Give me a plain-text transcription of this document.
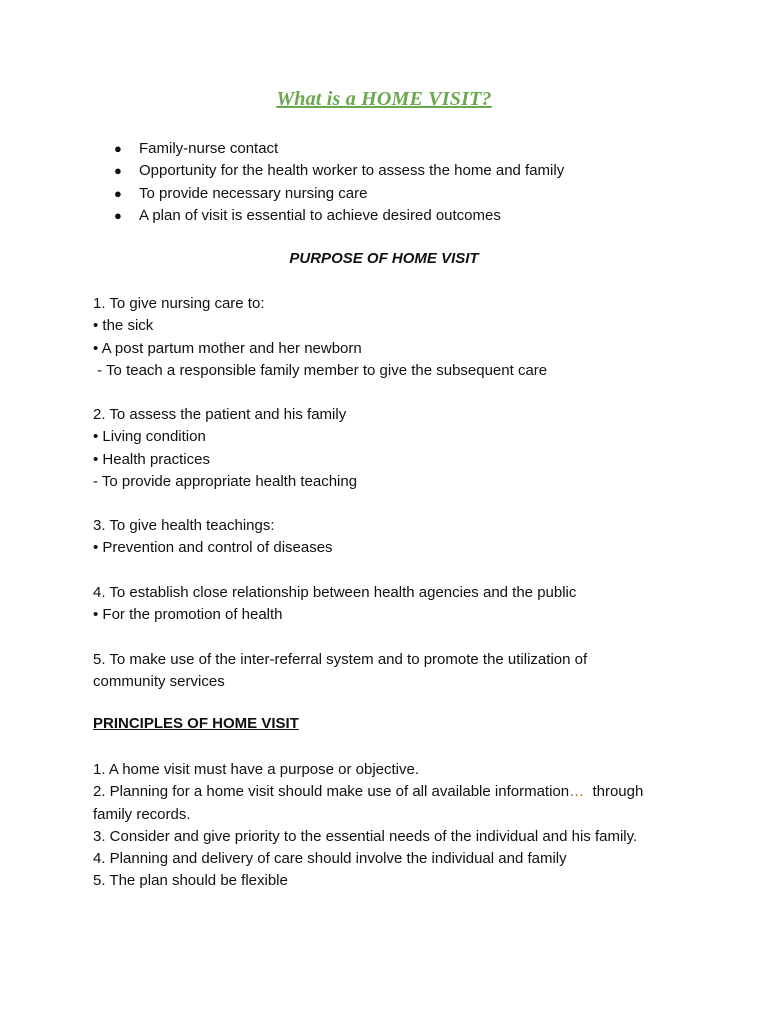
What is a HOME VISIT?
● Family-nurse contact
● Opportunity for the health worker to assess the home and family
● To provide necessary nursing care
● A plan of visit is essential to achieve desired outcomes
PURPOSE OF HOME VISIT
1. To give nursing care to:
• the sick
• A post partum mother and her newborn
- To teach a responsible family member to give the subsequent care
2. To assess the patient and his family
• Living condition
• Health practices
- To provide appropriate health teaching
3. To give health teachings:
• Prevention and control of diseases
4. To establish close relationship between health agencies and the public
• For the promotion of health
5. To make use of the inter-referral system and to promote the utilization of
community services
PRINCIPLES OF HOME VISIT
1. A home visit must have a purpose or objective.
2. Planning for a home visit should make use of all available information…  through
family records.
3. Consider and give priority to the essential needs of the individual and his family.
4. Planning and delivery of care should involve the individual and family
5. The plan should be flexible
